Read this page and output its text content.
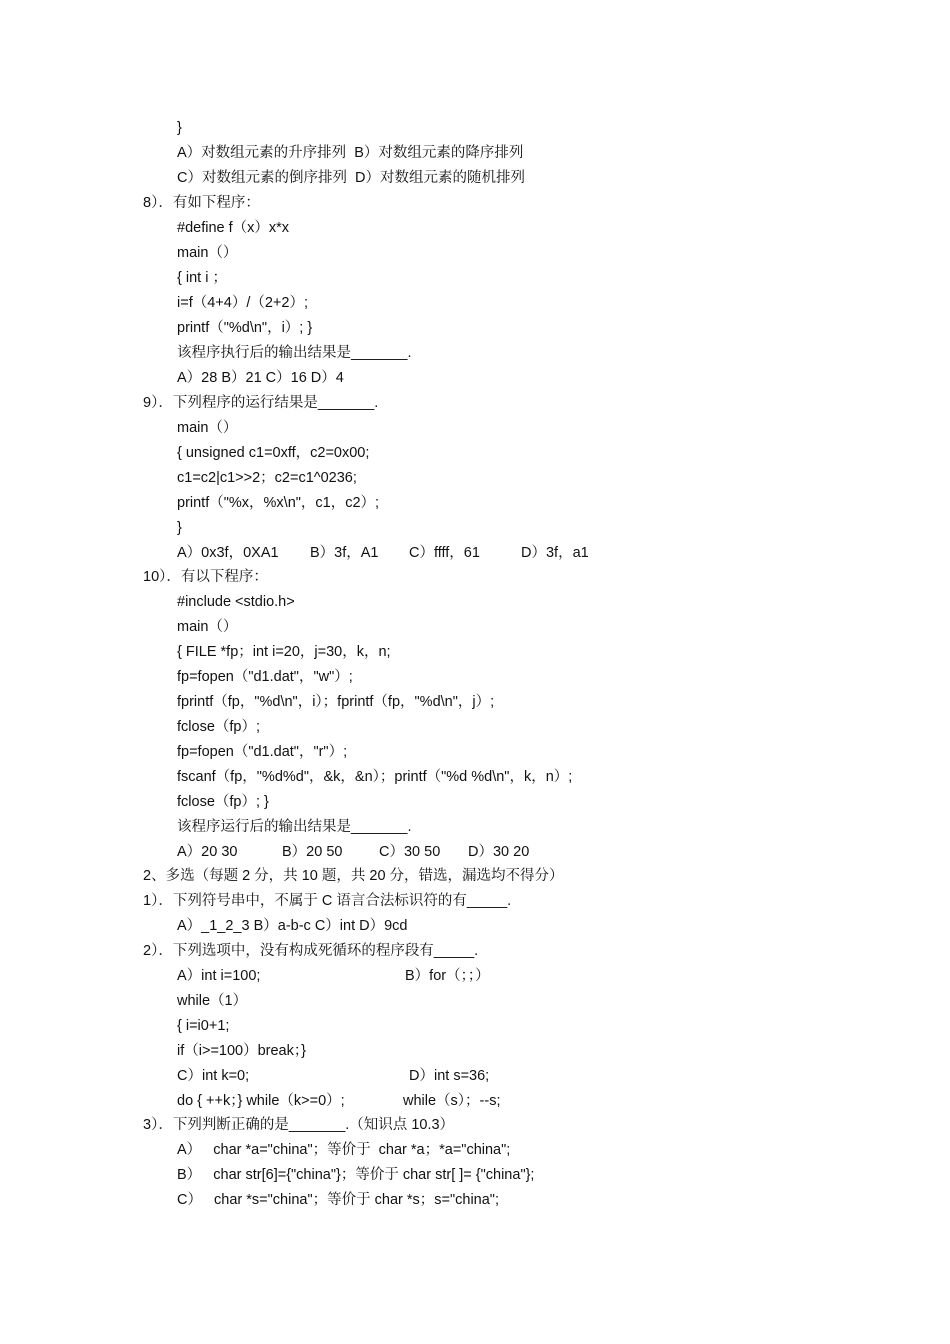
}
A）对数组元素的升序排列  B）对数组元素的降序排列
C）对数组元素的倒序排列  D）对数组元素的随机排列
8）．有如下程序：
#define f（x）x*x
main（）
{ int i ；
i=f（4+4）/（2+2）;
printf（"%d\n"，i）; }
该程序执行后的输出结果是_______.
A）28 B）21 C）16 D）4
9）．下列程序的运行结果是_______.
main（）
{ unsigned c1=0xff，c2=0x00;
c1=c2|c1>>2；c2=c1^0236;
printf（"%x，%x\n"，c1，c2）;
}
A）0x3f，0XA1 B）3f，A1 C）ffff，61	D）3f，a1
10）．有以下程序：
#include <stdio.h>
main（）
{ FILE *fp；int i=20，j=30，k，n;
fp=fopen（"d1.dat"，"w"）;
fprintf（fp，"%d\n"，i）；fprintf（fp，"%d\n"，j）;
fclose（fp）;
fp=fopen（"d1.dat"，"r"）;
fscanf（fp，"%d%d"，&k，&n）；printf（"%d %d\n"，k，n）;
fclose（fp）; }
该程序运行后的输出结果是_______.
A）20 30	B）20 50	C）30 50 D）30 20
2、多选（每题 2 分，共 10 题，共 20 分，错选，漏选均不得分）
1）．下列符号串中，不属于 C 语言合法标识符的有_____.
A）_1_2_3 B）a-b-c C）int D）9cd
2）．下列选项中，没有构成死循环的程序段有_____.
A）int i=100;	B）for（；；）
while（1）
{ i=i0+1;
if（i>=100）break；}
C）int k=0;	D）int s=36;
do { ++k；} while（k>=0）;	while（s）；--s;
3）．下列判断正确的是_______.（知识点 10.3）
A）   char *a="china"；等价于  char *a；*a="china";
B）   char str[6]={"china"}；等价于 char str[ ]= {"china"};
C）   char *s="china"；等价于 char *s；s="china";
